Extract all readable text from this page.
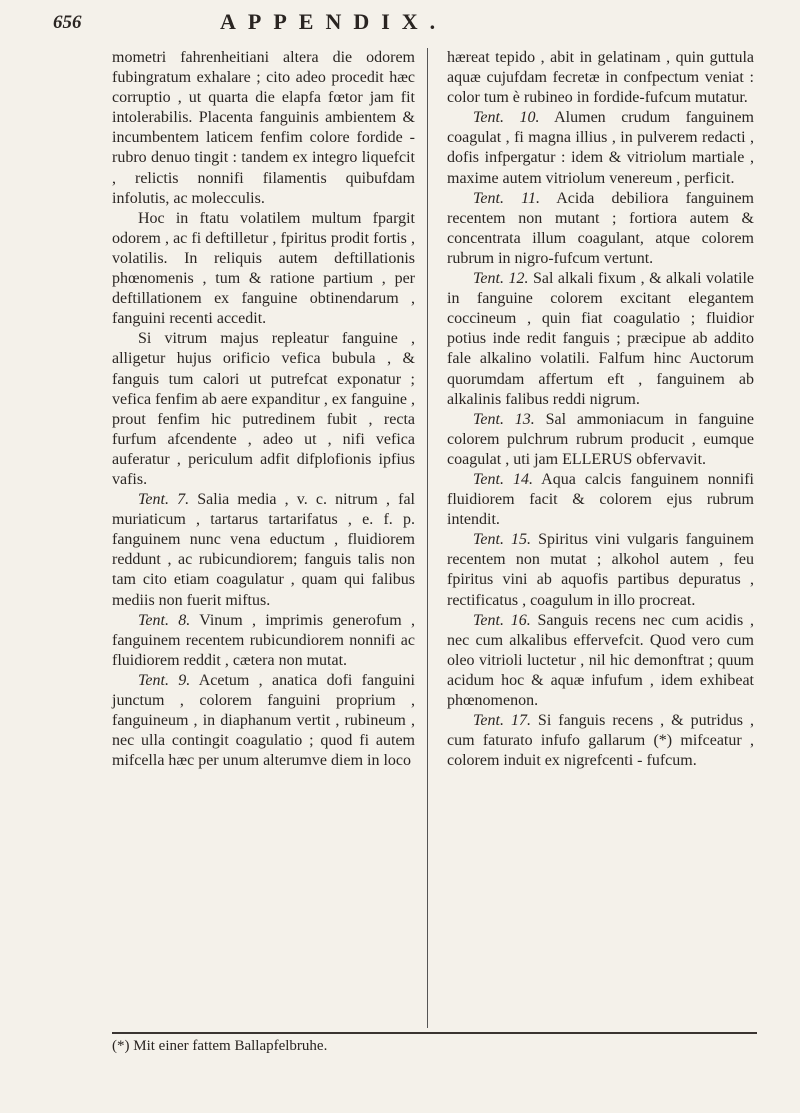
656	APPENDIX.

mometri fahrenheitiani altera die odorem fubingratum exhalare ; cito adeo procedit hæc corruptio , ut quarta die elapfa fœtor jam fit intolerabilis. Placenta fanguinis ambientem & incumbentem laticem fenfim colore fordide - rubro denuo tingit : tandem ex integro liquefcit , relictis nonnifi filamentis quibufdam infolutis, ac molecculis.

Hoc in ftatu volatilem multum fpargit odorem , ac fi deftilletur , fpiritus prodit fortis , volatilis. In reliquis autem deftillationis phœnomenis , tum & ratione partium , per deftillationem ex fanguine obtinendarum , fanguini recenti accedit.

Si vitrum majus repleatur fanguine , alligetur hujus orificio vefica bubula , & fanguis tum calori ut putrefcat exponatur ; vefica fenfim ab aere expanditur , ex fanguine , prout fenfim hic putredinem fubit , recta furfum afcendente , adeo ut , nifi vefica auferatur , periculum adfit difplofionis ipfius vafis.

Tent. 7. Salia media , v. c. nitrum , fal muriaticum , tartarus tartarifatus , e. f. p. fanguinem nunc vena eductum , fluidiorem reddunt , ac rubicundiorem; fanguis talis non tam cito etiam coagulatur , quam qui falibus mediis non fuerit miftus.

Tent. 8. Vinum , imprimis generofum , fanguinem recentem rubicundiorem nonnifi ac fluidiorem reddit , cætera non mutat.

Tent. 9. Acetum , anatica dofi fanguini junctum , colorem fanguini proprium , fanguineum , in diaphanum vertit , rubineum , nec ulla contingit coagulatio ; quod fi autem mifcella hæc per unum alterumve diem in loco

hæreat tepido , abit in gelatinam , quin guttula aquæ cujufdam fecretæ in confpectum veniat : color tum è rubineo in fordide-fufcum mutatur.

Tent. 10. Alumen crudum fanguinem coagulat , fi magna illius , in pulverem redacti , dofis infpergatur : idem & vitriolum martiale , maxime autem vitriolum venereum , perficit.

Tent. 11. Acida debiliora fanguinem recentem non mutant ; fortiora autem & concentrata illum coagulant, atque colorem rubrum in nigro-fufcum vertunt.

Tent. 12. Sal alkali fixum , & alkali volatile in fanguine colorem excitant elegantem coccineum , quin fiat coagulatio ; fluidior potius inde redit fanguis ; præcipue ab addito fale alkalino volatili. Falfum hinc Auctorum quorumdam affertum eft , fanguinem ab alkalinis falibus reddi nigrum.

Tent. 13. Sal ammoniacum in fanguine colorem pulchrum rubrum producit , eumque coagulat , uti jam ELLERUS obfervavit.

Tent. 14. Aqua calcis fanguinem nonnifi fluidiorem facit & colorem ejus rubrum intendit.

Tent. 15. Spiritus vini vulgaris fanguinem recentem non mutat ; alkohol autem , feu fpiritus vini ab aquofis partibus depuratus , rectificatus , coagulum in illo procreat.

Tent. 16. Sanguis recens nec cum acidis , nec cum alkalibus effervefcit. Quod vero cum oleo vitrioli luctetur , nil hic demonftrat ; quum acidum hoc & aquæ infufum , idem exhibeat phœnomenon.

Tent. 17. Si fanguis recens , & putridus , cum faturato infufo gallarum (*) mifceatur , colorem induit ex nigrefcenti - fufcum.

(*) Mit einer fattem Ballapfelbruhe.
